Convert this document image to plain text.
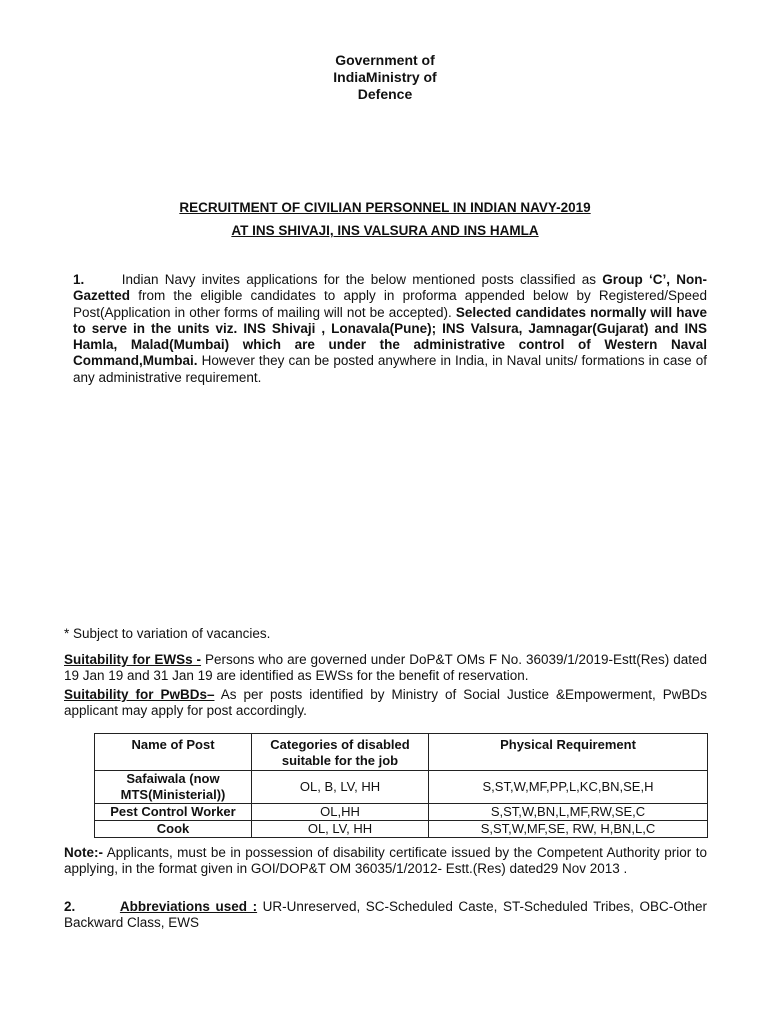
Government of
IndiaMinistry of
Defence
RECRUITMENT OF CIVILIAN PERSONNEL IN INDIAN NAVY-2019
AT INS SHIVAJI, INS VALSURA AND INS HAMLA
1.	Indian Navy invites applications for the below mentioned posts classified as Group ‘C’, Non-Gazetted from the eligible candidates to apply in proforma appended below by Registered/Speed Post(Application in other forms of mailing will not be accepted). Selected candidates normally will have to serve in the units viz. INS Shivaji , Lonavala(Pune); INS Valsura, Jamnagar(Gujarat) and INS Hamla, Malad(Mumbai) which are under the administrative control of Western Naval Command,Mumbai. However they can be posted anywhere in India, in Naval units/ formations in case of any administrative requirement.
* Subject to variation of vacancies.
Suitability for EWSs - Persons who are governed under DoP&T OMs F No. 36039/1/2019-Estt(Res) dated 19 Jan 19 and 31 Jan 19 are identified as EWSs for the benefit of reservation.
Suitability for PwBDs– As per posts identified by Ministry of Social Justice &Empowerment, PwBDs applicant may apply for post accordingly.
Name of Post	Categories of disabled suitable for the job	Physical Requirement
Safaiwala (now MTS(Ministerial))	OL, B, LV, HH	S,ST,W,MF,PP,L,KC,BN,SE,H
Pest Control Worker	OL,HH	S,ST,W,BN,L,MF,RW,SE,C
Cook	OL, LV, HH	S,ST,W,MF,SE, RW, H,BN,L,C
Note:- Applicants, must be in possession of disability certificate issued by the Competent Authority prior to applying, in the format given in GOI/DOP&T OM 36035/1/2012- Estt.(Res) dated29 Nov 2013 .
2.	Abbreviations used : UR-Unreserved, SC-Scheduled Caste, ST-Scheduled Tribes, OBC-Other Backward Class, EWS
